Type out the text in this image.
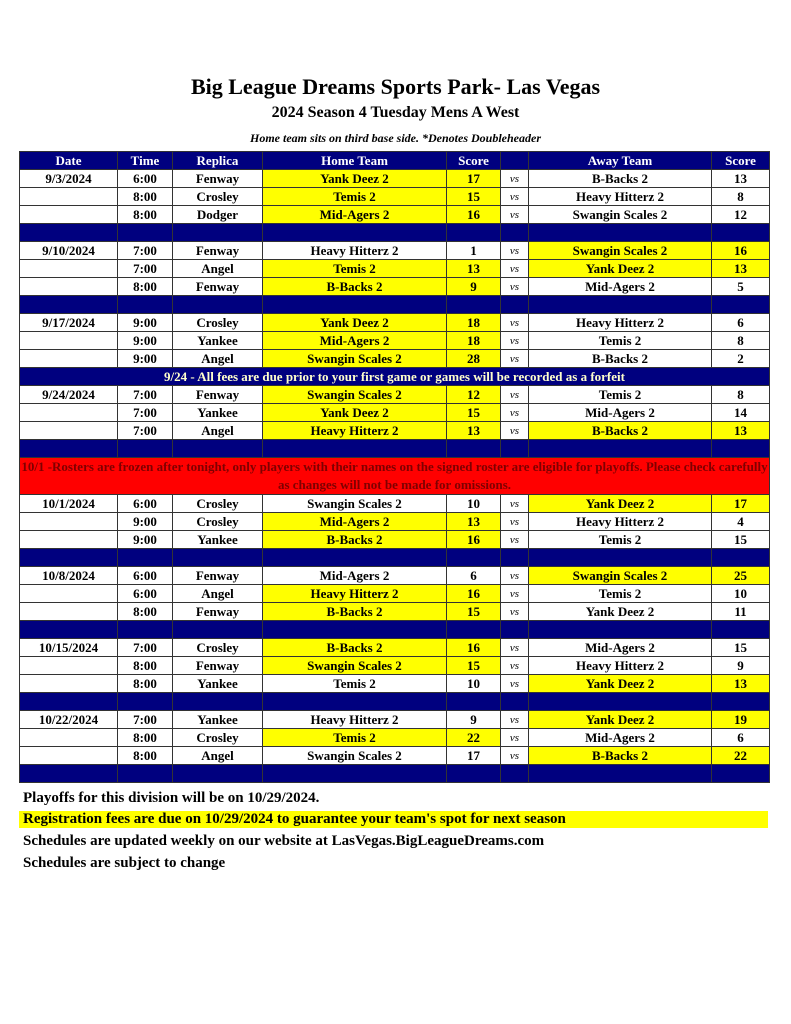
Big League Dreams Sports Park- Las Vegas
2024 Season 4 Tuesday Mens A West
Home team sits on third base side. *Denotes Doubleheader
Date	Time	Replica	Home Team	Score		Away Team	Score
9/3/2024	6:00	Fenway	Yank Deez 2	17	vs	B-Backs 2	13
	8:00	Crosley	Temis 2	15	vs	Heavy Hitterz 2	8
	8:00	Dodger	Mid-Agers 2	16	vs	Swangin Scales 2	12

9/10/2024	7:00	Fenway	Heavy Hitterz 2	1	vs	Swangin Scales 2	16
	7:00	Angel	Temis 2	13	vs	Yank Deez 2	13
	8:00	Fenway	B-Backs 2	9	vs	Mid-Agers 2	5

9/17/2024	9:00	Crosley	Yank Deez 2	18	vs	Heavy Hitterz 2	6
	9:00	Yankee	Mid-Agers 2	18	vs	Temis 2	8
	9:00	Angel	Swangin Scales 2	28	vs	B-Backs 2	2
9/24 - All fees are due prior to your first game or games will be recorded as a forfeit							
9/24/2024	7:00	Fenway	Swangin Scales 2	12	vs	Temis 2	8
	7:00	Yankee	Yank Deez 2	15	vs	Mid-Agers 2	14
	7:00	Angel	Heavy Hitterz 2	13	vs	B-Backs 2	13

10/1 -Rosters are frozen after tonight, only players with their names on the signed roster are eligible for playoffs. Please check carefully as changes will not be made for omissions.							
10/1/2024	6:00	Crosley	Swangin Scales 2	10	vs	Yank Deez 2	17
	9:00	Crosley	Mid-Agers 2	13	vs	Heavy Hitterz 2	4
	9:00	Yankee	B-Backs 2	16	vs	Temis 2	15

10/8/2024	6:00	Fenway	Mid-Agers 2	6	vs	Swangin Scales 2	25
	6:00	Angel	Heavy Hitterz 2	16	vs	Temis 2	10
	8:00	Fenway	B-Backs 2	15	vs	Yank Deez 2	11

10/15/2024	7:00	Crosley	B-Backs 2	16	vs	Mid-Agers 2	15
	8:00	Fenway	Swangin Scales 2	15	vs	Heavy Hitterz 2	9
	8:00	Yankee	Temis 2	10	vs	Yank Deez 2	13

10/22/2024	7:00	Yankee	Heavy Hitterz 2	9	vs	Yank Deez 2	19
	8:00	Crosley	Temis 2	22	vs	Mid-Agers 2	6
	8:00	Angel	Swangin Scales 2	17	vs	B-Backs 2	22

Playoffs for this division will be on 10/29/2024.
Registration fees are due on 10/29/2024 to guarantee your team's spot for next season
Schedules are updated weekly on our website at LasVegas.BigLeagueDreams.com
Schedules are subject to change
